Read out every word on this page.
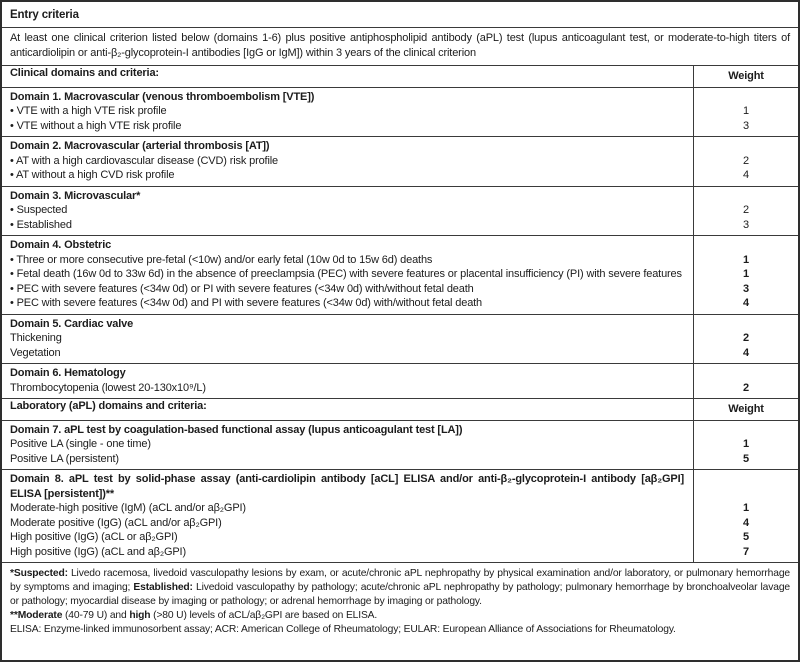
Entry criteria
At least one clinical criterion listed below (domains 1-6) plus positive antiphospholipid antibody (aPL) test (lupus anticoagulant test, or moderate-to-high titers of anticardiolipin or anti-β₂-glycoprotein-I antibodies [IgG or IgM]) within 3 years of the clinical criterion
Clinical domains and criteria:	Weight
Domain 1. Macrovascular (venous thromboembolism [VTE])
• VTE with a high VTE risk profile	1
• VTE without a high VTE risk profile	3
Domain 2. Macrovascular (arterial thrombosis [AT])
• AT with a high cardiovascular disease (CVD) risk profile	2
• AT without a high CVD risk profile	4
Domain 3. Microvascular*
• Suspected	2
• Established	3
Domain 4. Obstetric
• Three or more consecutive pre-fetal (<10w) and/or early fetal (10w 0d to 15w 6d) deaths	1
• Fetal death (16w 0d to 33w 6d) in the absence of preeclampsia (PEC) with severe features or placental insufficiency (PI) with severe features	1
• PEC with severe features (<34w 0d) or PI with severe features (<34w 0d) with/without fetal death	3
• PEC with severe features (<34w 0d) and PI with severe features (<34w 0d) with/without fetal death	4
Domain 5. Cardiac valve
Thickening	2
Vegetation	4
Domain 6. Hematology
Thrombocytopenia (lowest 20-130x10⁹/L)	2
Laboratory (aPL) domains and criteria:	Weight
Domain 7. aPL test by coagulation-based functional assay (lupus anticoagulant test [LA])
Positive LA (single - one time)	1
Positive LA (persistent)	5
Domain 8. aPL test by solid-phase assay (anti-cardiolipin antibody [aCL] ELISA and/or anti-β₂-glycoprotein-I antibody [aβ₂GPI] ELISA [persistent])**
Moderate-high positive (IgM) (aCL and/or aβ₂GPI)	1
Moderate positive (IgG) (aCL and/or aβ₂GPI)	4
High positive (IgG) (aCL or aβ₂GPI)	5
High positive (IgG) (aCL and aβ₂GPI)	7
*Suspected: Livedo racemosa, livedoid vasculopathy lesions by exam, or acute/chronic aPL nephropathy by physical examination and/or laboratory, or pulmonary hemorrhage by symptoms and imaging; Established: Livedoid vasculopathy by pathology; acute/chronic aPL nephropathy by pathology; pulmonary hemorrhage by bronchoalveolar lavage or pathology; myocardial disease by imaging or pathology; or adrenal hemorrhage by imaging or pathology.
**Moderate (40-79 U) and high (>80 U) levels of aCL/aβ₂GPI are based on ELISA.
ELISA: Enzyme-linked immunosorbent assay; ACR: American College of Rheumatology; EULAR: European Alliance of Associations for Rheumatology.
